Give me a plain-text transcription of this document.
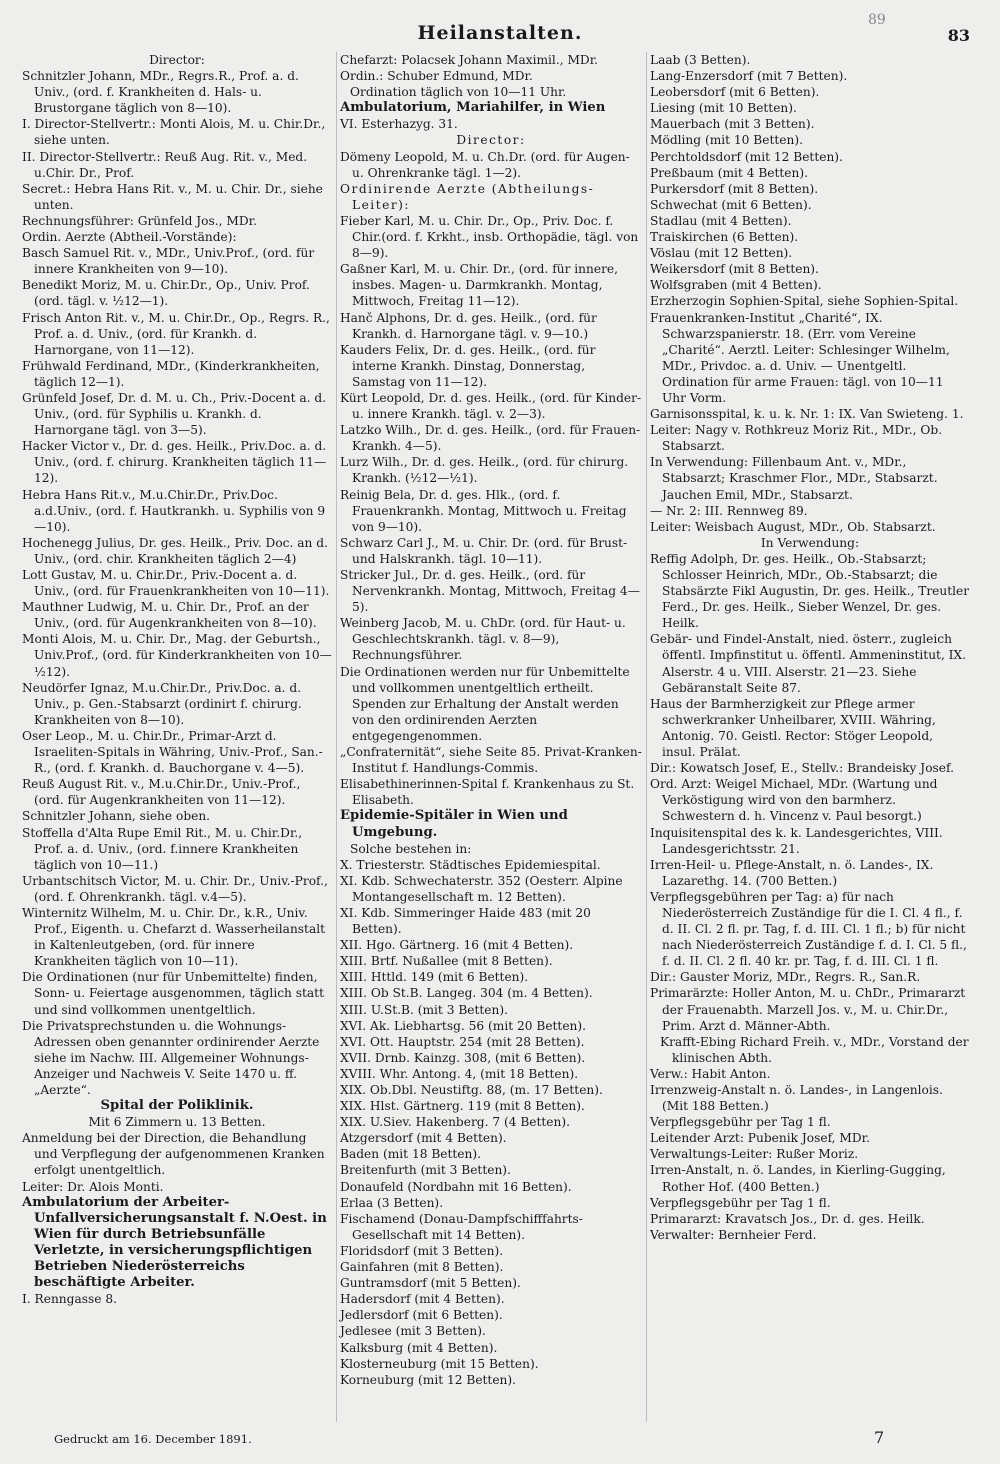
Heilanstalten.
89
83

Director:

Schnitzler Johann, MDr., Regrs.R., Prof. a. d. Univ., (ord. f. Krankheiten d. Hals- u. Brustorgane täglich von 8—10).

I. Director-Stellvertr.: Monti Alois, M. u. Chir.Dr., siehe unten.

II. Director-Stellvertr.: Reuß Aug. Rit. v., Med. u.Chir. Dr., Prof.

Secret.: Hebra Hans Rit. v., M. u. Chir. Dr., siehe unten.

Rechnungsführer: Grünfeld Jos., MDr.

Ordin. Aerzte (Abtheil.-Vorstände):

Basch Samuel Rit. v., MDr., Univ.Prof., (ord. für innere Krankheiten von 9—10).

Benedikt Moriz, M. u. Chir.Dr., Op., Univ. Prof. (ord. tägl. v. ½12—1).

Frisch Anton Rit. v., M. u. Chir.Dr., Op., Regrs. R., Prof. a. d. Univ., (ord. für Krankh. d. Harnorgane, von 11—12).

Frühwald Ferdinand, MDr., (Kinderkrankheiten, täglich 12—1).

Grünfeld Josef, Dr. d. M. u. Ch., Priv.-Docent a. d. Univ., (ord. für Syphilis u. Krankh. d. Harnorgane tägl. von 3—5).

Hacker Victor v., Dr. d. ges. Heilk., Priv.Doc. a. d. Univ., (ord. f. chirurg. Krankheiten täglich 11—12).

Hebra Hans Rit.v., M.u.Chir.Dr., Priv.Doc. a.d.Univ., (ord. f. Hautkrankh. u. Syphilis von 9—10).

Hochenegg Julius, Dr. ges. Heilk., Priv. Doc. an d. Univ., (ord. chir. Krankheiten täglich 2—4)

Lott Gustav, M. u. Chir.Dr., Priv.-Docent a. d. Univ., (ord. für Frauenkrankheiten von 10—11).

Mauthner Ludwig, M. u. Chir. Dr., Prof. an der Univ., (ord. für Augenkrankheiten von 8—10).

Monti Alois, M. u. Chir. Dr., Mag. der Geburtsh., Univ.Prof., (ord. für Kinderkrankheiten von 10—½12).

Neudörfer Ignaz, M.u.Chir.Dr., Priv.Doc. a. d. Univ., p. Gen.-Stabsarzt (ordinirt f. chirurg. Krankheiten von 8—10).

Oser Leop., M. u. Chir.Dr., Primar-Arzt d. Israeliten-Spitals in Währing, Univ.-Prof., San.-R., (ord. f. Krankh. d. Bauchorgane v. 4—5).

Reuß August Rit. v., M.u.Chir.Dr., Univ.-Prof., (ord. für Augenkrankheiten von 11—12).

Schnitzler Johann, siehe oben.

Stoffella d'Alta Rupe Emil Rit., M. u. Chir.Dr., Prof. a. d. Univ., (ord. f.innere Krankheiten täglich von 10—11.)

Urbantschitsch Victor, M. u. Chir. Dr., Univ.-Prof., (ord. f. Ohrenkrankh. tägl. v.4—5).

Winternitz Wilhelm, M. u. Chir. Dr., k.R., Univ. Prof., Eigenth. u. Chefarzt d. Wasserheilanstalt in Kaltenleutgeben, (ord. für innere Krankheiten täglich von 10—11).

Die Ordinationen (nur für Unbemittelte) finden, Sonn- u. Feiertage ausgenommen, täglich statt und sind vollkommen unentgeltlich.

Die Privatsprechstunden u. die Wohnungs-Adressen oben genannter ordinirender Aerzte siehe im Nachw. III. Allgemeiner Wohnungs-Anzeiger und Nachweis V. Seite 1470 u. ff. „Aerzte“.

Spital der Poliklinik.

Mit 6 Zimmern u. 13 Betten.

Anmeldung bei der Direction, die Behandlung und Verpflegung der aufgenommenen Kranken erfolgt unentgeltlich.

Leiter: Dr. Alois Monti.

Ambulatorium der Arbeiter-Unfallversicherungsanstalt f. N.Oest. in Wien für durch Betriebsunfälle Verletzte, in versicherungspflichtigen Betrieben Niederösterreichs beschäftigte Arbeiter.

I. Renngasse 8.

Chefarzt: Polacsek Johann Maximil., MDr.

Ordin.: Schuber Edmund, MDr.

Ordination täglich von 10—11 Uhr.

Ambulatorium, Mariahilfer, in Wien

VI. Esterhazyg. 31.

Director:

Dömeny Leopold, M. u. Ch.Dr. (ord. für Augen- u. Ohrenkranke tägl. 1—2).

Ordinirende Aerzte (Abtheilungs-Leiter):

Fieber Karl, M. u. Chir. Dr., Op., Priv. Doc. f. Chir.(ord. f. Krkht., insb. Orthopädie, tägl. von 8—9).

Gaßner Karl, M. u. Chir. Dr., (ord. für innere, insbes. Magen- u. Darmkrankh. Montag, Mittwoch, Freitag 11—12).

Hanč Alphons, Dr. d. ges. Heilk., (ord. für Krankh. d. Harnorgane tägl. v. 9—10.)

Kauders Felix, Dr. d. ges. Heilk., (ord. für interne Krankh. Dinstag, Donnerstag, Samstag von 11—12).

Kürt Leopold, Dr. d. ges. Heilk., (ord. für Kinder- u. innere Krankh. tägl. v. 2—3).

Latzko Wilh., Dr. d. ges. Heilk., (ord. für Frauen-Krankh. 4—5).

Lurz Wilh., Dr. d. ges. Heilk., (ord. für chirurg. Krankh. (½12—½1).

Reinig Bela, Dr. d. ges. Hlk., (ord. f. Frauenkrankh. Montag, Mittwoch u. Freitag von 9—10).

Schwarz Carl J., M. u. Chir. Dr. (ord. für Brust- und Halskrankh. tägl. 10—11).

Stricker Jul., Dr. d. ges. Heilk., (ord. für Nervenkrankh. Montag, Mittwoch, Freitag 4—5).

Weinberg Jacob, M. u. ChDr. (ord. für Haut- u. Geschlechtskrankh. tägl. v. 8—9), Rechnungsführer.

Die Ordinationen werden nur für Unbemittelte und vollkommen unentgeltlich ertheilt. Spenden zur Erhaltung der Anstalt werden von den ordinirenden Aerzten entgegengenommen.

„Confraternität“, siehe Seite 85. Privat-Kranken-Institut f. Handlungs-Commis.

Elisabethinerinnen-Spital f. Krankenhaus zu St. Elisabeth.

Epidemie-Spitäler in Wien und Umgebung.

Solche bestehen in:

X. Triesterstr. Städtisches Epidemiespital.

XI. Kdb. Schwechaterstr. 352 (Oesterr. Alpine Montangesellschaft m. 12 Betten).

XI. Kdb. Simmeringer Haide 483 (mit 20 Betten).

XII. Hgo. Gärtnerg. 16 (mit 4 Betten).

XIII. Brtf. Nußallee (mit 8 Betten).

XIII. Httld. 149 (mit 6 Betten).

XIII. Ob St.B. Langeg. 304 (m. 4 Betten).

XIII. U.St.B. (mit 3 Betten).

XVI. Ak. Liebhartsg. 56 (mit 20 Betten).

XVI. Ott. Hauptstr. 254 (mit 28 Betten).

XVII. Drnb. Kainzg. 308, (mit 6 Betten).

XVIII. Whr. Antong. 4, (mit 18 Betten).

XIX. Ob.Dbl. Neustiftg. 88, (m. 17 Betten).

XIX. Hlst. Gärtnerg. 119 (mit 8 Betten).

XIX. U.Siev. Hakenberg. 7 (4 Betten).

Atzgersdorf (mit 4 Betten).

Baden (mit 18 Betten).

Breitenfurth (mit 3 Betten).

Donaufeld (Nordbahn mit 16 Betten).

Erlaa (3 Betten).

Fischamend (Donau-Dampfschifffahrts-Gesellschaft mit 14 Betten).

Floridsdorf (mit 3 Betten).

Gainfahren (mit 8 Betten).

Guntramsdorf (mit 5 Betten).

Hadersdorf (mit 4 Betten).

Jedlersdorf (mit 6 Betten).

Jedlesee (mit 3 Betten).

Kalksburg (mit 4 Betten).

Klosterneuburg (mit 15 Betten).

Korneuburg (mit 12 Betten).

Laab (3 Betten).

Lang-Enzersdorf (mit 7 Betten).

Leobersdorf (mit 6 Betten).

Liesing (mit 10 Betten).

Mauerbach (mit 3 Betten).

Mödling (mit 10 Betten).

Perchtoldsdorf (mit 12 Betten).

Preßbaum (mit 4 Betten).

Purkersdorf (mit 8 Betten).

Schwechat (mit 6 Betten).

Stadlau (mit 4 Betten).

Traiskirchen (6 Betten).

Vöslau (mit 12 Betten).

Weikersdorf (mit 8 Betten).

Wolfsgraben (mit 4 Betten).

Erzherzogin Sophien-Spital, siehe Sophien-Spital.

Frauenkranken-Institut „Charité“, IX. Schwarzspanierstr. 18. (Err. vom Vereine „Charité“. Aerztl. Leiter: Schlesinger Wilhelm, MDr., Privdoc. a. d. Univ. — Unentgeltl. Ordination für arme Frauen: tägl. von 10—11 Uhr Vorm.

Garnisonsspital, k. u. k. Nr. 1: IX. Van Swieteng. 1.

Leiter: Nagy v. Rothkreuz Moriz Rit., MDr., Ob. Stabsarzt.

In Verwendung: Fillenbaum Ant. v., MDr., Stabsarzt; Kraschmer Flor., MDr., Stabsarzt. Jauchen Emil, MDr., Stabsarzt.

— Nr. 2: III. Rennweg 89.

Leiter: Weisbach August, MDr., Ob. Stabsarzt.

In Verwendung:

Reffig Adolph, Dr. ges. Heilk., Ob.-Stabsarzt; Schlosser Heinrich, MDr., Ob.-Stabsarzt; die Stabsärzte Fikl Augustin, Dr. ges. Heilk., Treutler Ferd., Dr. ges. Heilk., Sieber Wenzel, Dr. ges. Heilk.

Gebär- und Findel-Anstalt, nied. österr., zugleich öffentl. Impfinstitut u. öffentl. Ammeninstitut, IX. Alserstr. 4 u. VIII. Alserstr. 21—23. Siehe Gebäranstalt Seite 87.

Haus der Barmherzigkeit zur Pflege armer schwerkranker Unheilbarer, XVIII. Währing, Antonig. 70. Geistl. Rector: Stöger Leopold, insul. Prälat.

Dir.: Kowatsch Josef, E., Stellv.: Brandeisky Josef.

Ord. Arzt: Weigel Michael, MDr. (Wartung und Verköstigung wird von den barmherz. Schwestern d. h. Vincenz v. Paul besorgt.)

Inquisitenspital des k. k. Landesgerichtes, VIII. Landesgerichtsstr. 21.

Irren-Heil- u. Pflege-Anstalt, n. ö. Landes-, IX. Lazarethg. 14. (700 Betten.)

Verpflegsgebühren per Tag: a) für nach Niederösterreich Zuständige für die I. Cl. 4 fl., f. d. II. Cl. 2 fl. pr. Tag, f. d. III. Cl. 1 fl.; b) für nicht nach Niederösterreich Zuständige f. d. I. Cl. 5 fl., f. d. II. Cl. 2 fl. 40 kr. pr. Tag, f. d. III. Cl. 1 fl.

Dir.: Gauster Moriz, MDr., Regrs. R., San.R.

Primarärzte: Holler Anton, M. u. ChDr., Primararzt der Frauenabth. Marzell Jos. v., M. u. Chir.Dr., Prim. Arzt d. Männer-Abth.

Krafft-Ebing Richard Freih. v., MDr., Vorstand der klinischen Abth.

Verw.: Habit Anton.

Irrenzweig-Anstalt n. ö. Landes-, in Langenlois. (Mit 188 Betten.)

Verpflegsgebühr per Tag 1 fl.

Leitender Arzt: Pubenik Josef, MDr.

Verwaltungs-Leiter: Rußer Moriz.

Irren-Anstalt, n. ö. Landes, in Kierling-Gugging, Rother Hof. (400 Betten.)

Verpflegsgebühr per Tag 1 fl.

Primararzt: Kravatsch Jos., Dr. d. ges. Heilk.

Verwalter: Bernheier Ferd.

Gedruckt am 16. December 1891.	7
